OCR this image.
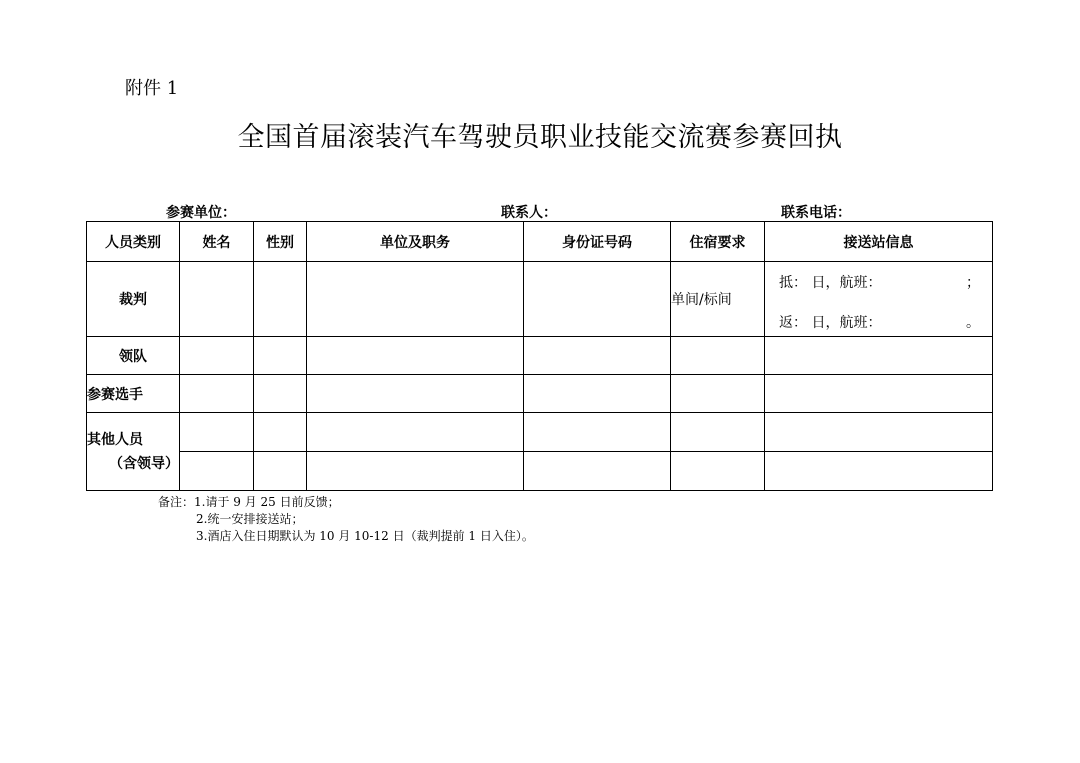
附件 1
全国首届滚装汽车驾驶员职业技能交流赛参赛回执
参赛单位：	联系人：	联系电话：
人员类别	姓名	性别	单位及职务	身份证号码	住宿要求	接送站信息
裁判					单间/标间	抵： 日，航班： ；
返： 日，航班： 。

领队						
参赛选手						
其他人员
（含领导）						

备注：1.请于 9 月 25 日前反馈；
2.统一安排接送站；
3.酒店入住日期默认为 10 月 10-12 日（裁判提前 1 日入住）。
